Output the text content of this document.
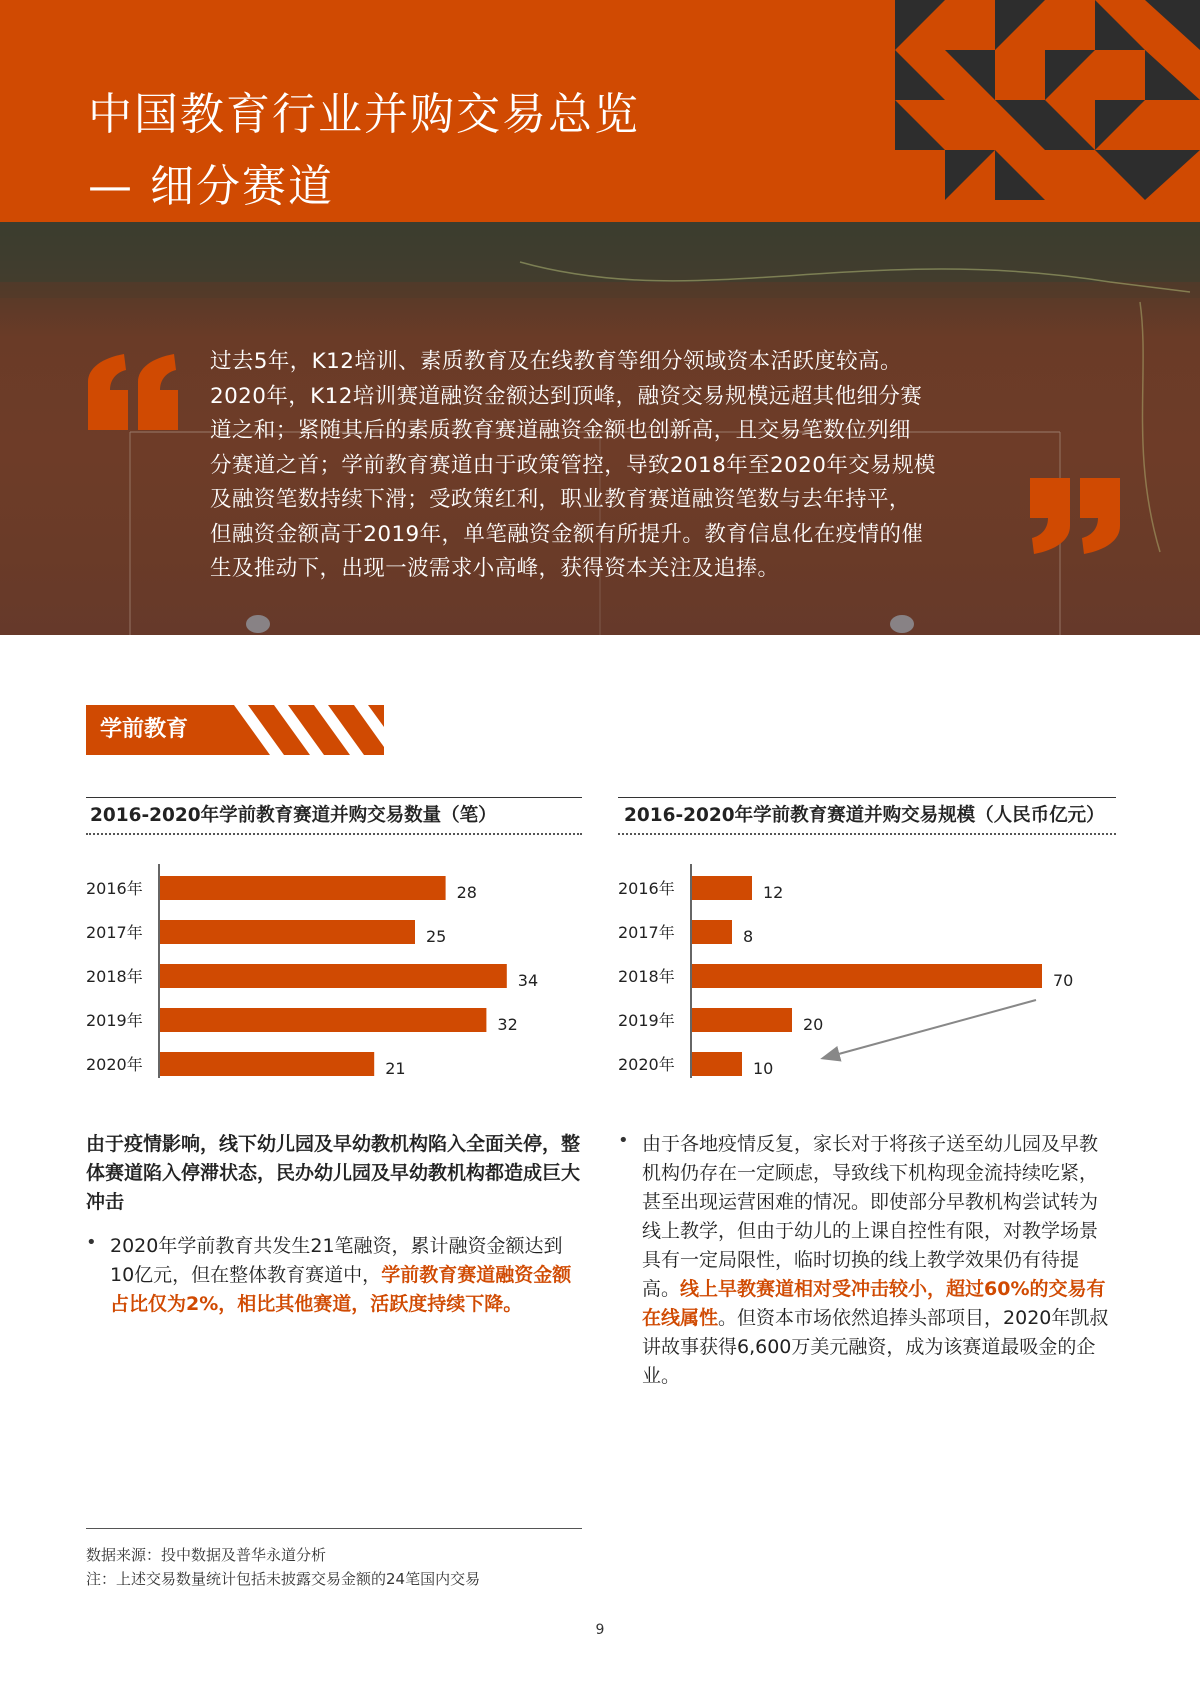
中国教育行业并购交易总览
— 细分赛道

过去5年，K12培训、素质教育及在线教育等细分领域资本活跃度较高。

2020年，K12培训赛道融资金额达到顶峰，融资交易规模远超其他细分赛

道之和；紧随其后的素质教育赛道融资金额也创新高，且交易笔数位列细

分赛道之首；学前教育赛道由于政策管控，导致2018年至2020年交易规模

及融资笔数持续下滑；受政策红利，职业教育赛道融资笔数与去年持平，

但融资金额高于2019年，单笔融资金额有所提升。教育信息化在疫情的催

生及推动下，出现一波需求小高峰，获得资本关注及追捧。

学前教育
2016-2020年学前教育赛道并购交易数量（笔）
2016年	28
2017年	25
2018年	34
2019年	32
2020年	21
2016-2020年学前教育赛道并购交易规模（人民币亿元）
2016年	12
2017年	8
2018年	70
2019年	20
2020年	10
由于疫情影响，线下幼儿园及早幼教机构陷入全面关停，整体赛道陷入停滞状态，民办幼儿园及早幼教机构都造成巨大冲击
• 2020年学前教育共发生21笔融资，累计融资金额达到10亿元，但在整体教育赛道中，学前教育赛道融资金额占比仅为2%，相比其他赛道，活跃度持续下降。
• 由于各地疫情反复，家长对于将孩子送至幼儿园及早教机构仍存在一定顾虑，导致线下机构现金流持续吃紧，甚至出现运营困难的情况。即使部分早教机构尝试转为线上教学，但由于幼儿的上课自控性有限，对教学场景具有一定局限性，临时切换的线上教学效果仍有待提高。线上早教赛道相对受冲击较小，超过60%的交易有在线属性。但资本市场依然追捧头部项目，2020年凯叔讲故事获得6,600万美元融资，成为该赛道最吸金的企业。
数据来源：投中数据及普华永道分析
注：上述交易数量统计包括未披露交易金额的24笔国内交易
9
